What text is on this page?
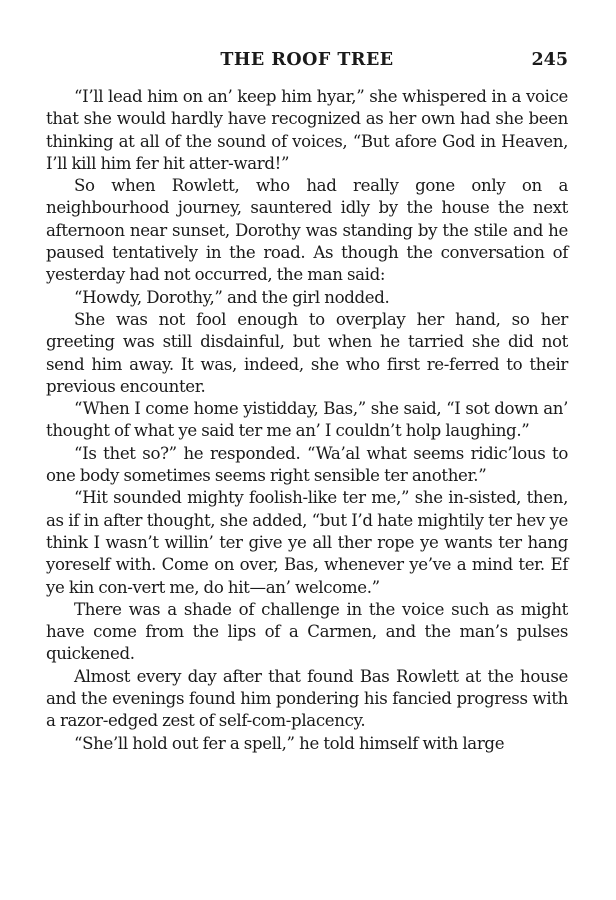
THE ROOF TREE	245

“I’ll lead him on an’ keep him hyar,” she whispered in a voice that she would hardly have recognized as her own had she been thinking at all of the sound of voices, “But afore God in Heaven, I’ll kill him fer hit atter-ward!”

So when Rowlett, who had really gone only on a neighbourhood journey, sauntered idly by the house the next afternoon near sunset, Dorothy was standing by the stile and he paused tentatively in the road. As though the conversation of yesterday had not occurred, the man said:

“Howdy, Dorothy,” and the girl nodded.

She was not fool enough to overplay her hand, so her greeting was still disdainful, but when he tarried she did not send him away. It was, indeed, she who first re-ferred to their previous encounter.

“When I come home yistidday, Bas,” she said, “I sot down an’ thought of what ye said ter me an’ I couldn’t holp laughing.”

“Is thet so?” he responded. “Wa’al what seems ridic’lous to one body sometimes seems right sensible ter another.”

“Hit sounded mighty foolish-like ter me,” she in-sisted, then, as if in after thought, she added, “but I’d hate mightily ter hev ye think I wasn’t willin’ ter give ye all ther rope ye wants ter hang yoreself with. Come on over, Bas, whenever ye’ve a mind ter. Ef ye kin con-vert me, do hit—an’ welcome.”

There was a shade of challenge in the voice such as might have come from the lips of a Carmen, and the man’s pulses quickened.

Almost every day after that found Bas Rowlett at the house and the evenings found him pondering his fancied progress with a razor-edged zest of self-com-placency.

“She’ll hold out fer a spell,” he told himself with large
